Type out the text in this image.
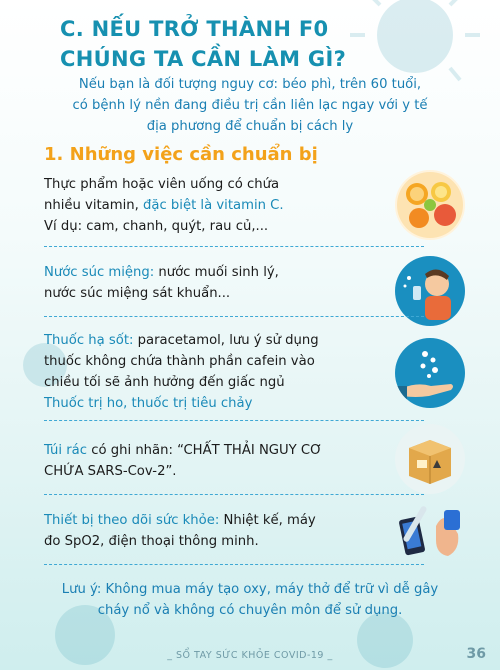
C. NẾU TRỞ THÀNH F0
CHÚNG TA CẦN LÀM GÌ?
Nếu bạn là đối tượng nguy cơ: béo phì, trên 60 tuổi,
có bệnh lý nền đang điều trị cần liên lạc ngay với y tế
địa phương để chuẩn bị cách ly
1. Những việc cần chuẩn bị
Thực phẩm hoặc viên uống có chứa
nhiều vitamin, đặc biệt là vitamin C.
Ví dụ: cam, chanh, quýt, rau củ,...
Nước súc miệng: nước muối sinh lý,
nước súc miệng sát khuẩn...
Thuốc hạ sốt: paracetamol, lưu ý sử dụng
thuốc không chứa thành phần cafein vào
chiều tối sẽ ảnh hưởng đến giấc ngủ
Thuốc trị ho, thuốc trị tiêu chảy
Túi rác có ghi nhãn: “CHẤT THẢI NGUY CƠ
CHỨA SARS-Cov-2”.
Thiết bị theo dõi sức khỏe: Nhiệt kế, máy
đo SpO2, điện thoại thông minh.
Lưu ý: Không mua máy tạo oxy, máy thở để trữ vì dễ gây
cháy nổ và không có chuyên môn để sử dụng.
_ SỔ TAY SỨC KHỎE COVID-19 _	36
